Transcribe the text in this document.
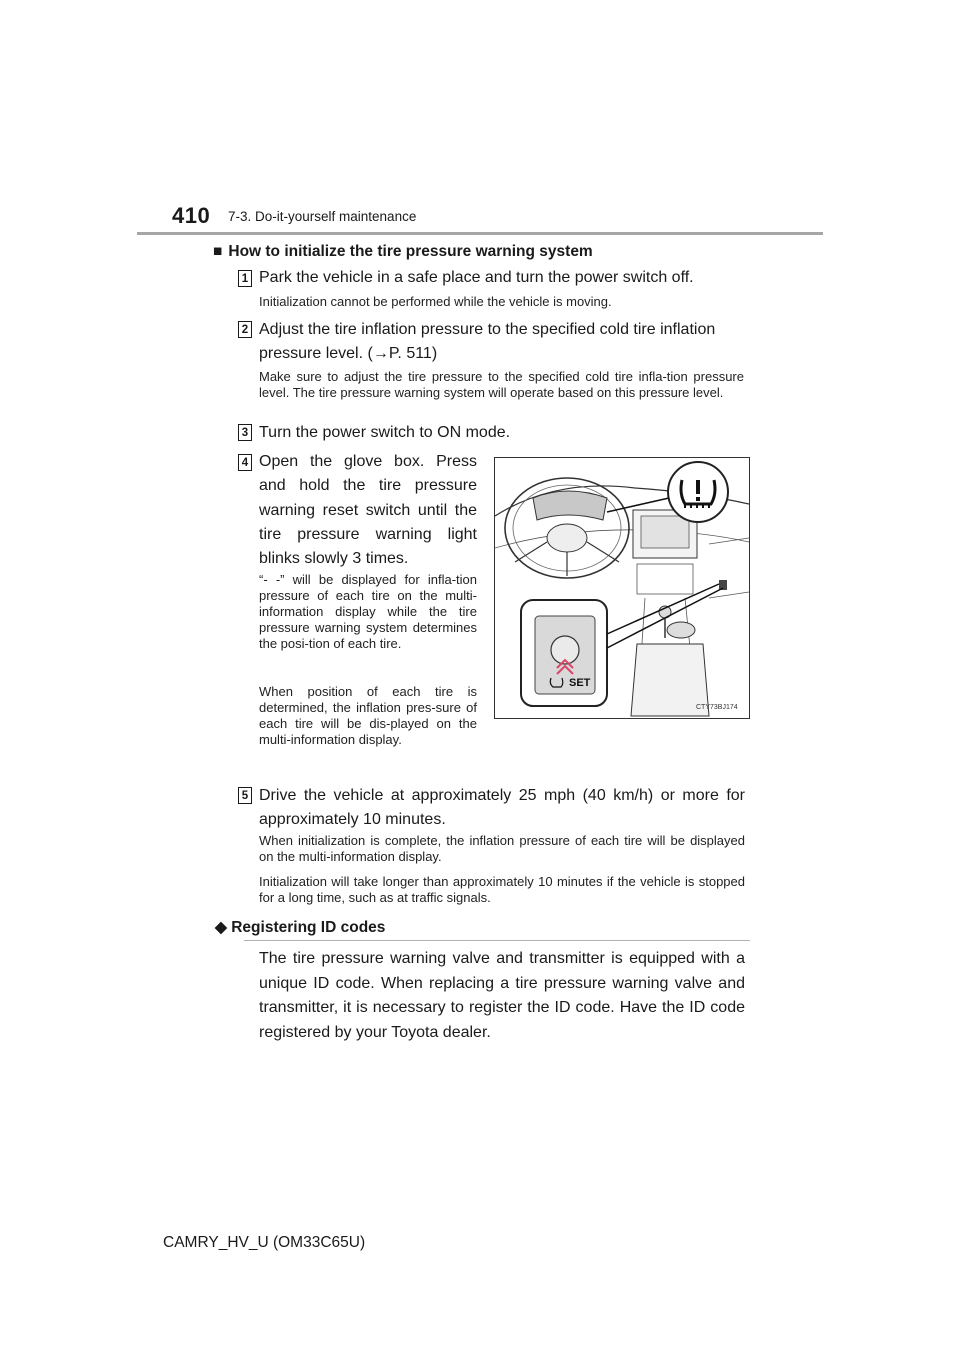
410 7-3. Do-it-yourself maintenance
■ How to initialize the tire pressure warning system
1 Park the vehicle in a safe place and turn the power switch off.
Initialization cannot be performed while the vehicle is moving.
2 Adjust the tire inflation pressure to the specified cold tire inflation
pressure level. (→P. 511)
Make sure to adjust the tire pressure to the specified cold tire infla-tion pressure level. The tire pressure warning system will operate based on this pressure level.
3 Turn the power switch to ON mode.
4 Open the glove box. Press and hold the tire pressure warning reset switch until the tire pressure warning light blinks slowly 3 times.
“- -” will be displayed for infla-tion pressure of each tire on the multi-information display while the tire pressure warning system determines the posi-tion of each tire.
When position of each tire is determined, the inflation pres-sure of each tire will be dis-played on the multi-information display.
SET
CTY73BJ174
5 Drive the vehicle at approximately 25 mph (40 km/h) or more for approximately 10 minutes.
When initialization is complete, the inflation pressure of each tire will be displayed on the multi-information display.
Initialization will take longer than approximately 10 minutes if the vehicle is stopped for a long time, such as at traffic signals.
◆ Registering ID codes
The tire pressure warning valve and transmitter is equipped with a unique ID code. When replacing a tire pressure warning valve and transmitter, it is necessary to register the ID code. Have the ID code registered by your Toyota dealer.
CAMRY_HV_U (OM33C65U)
